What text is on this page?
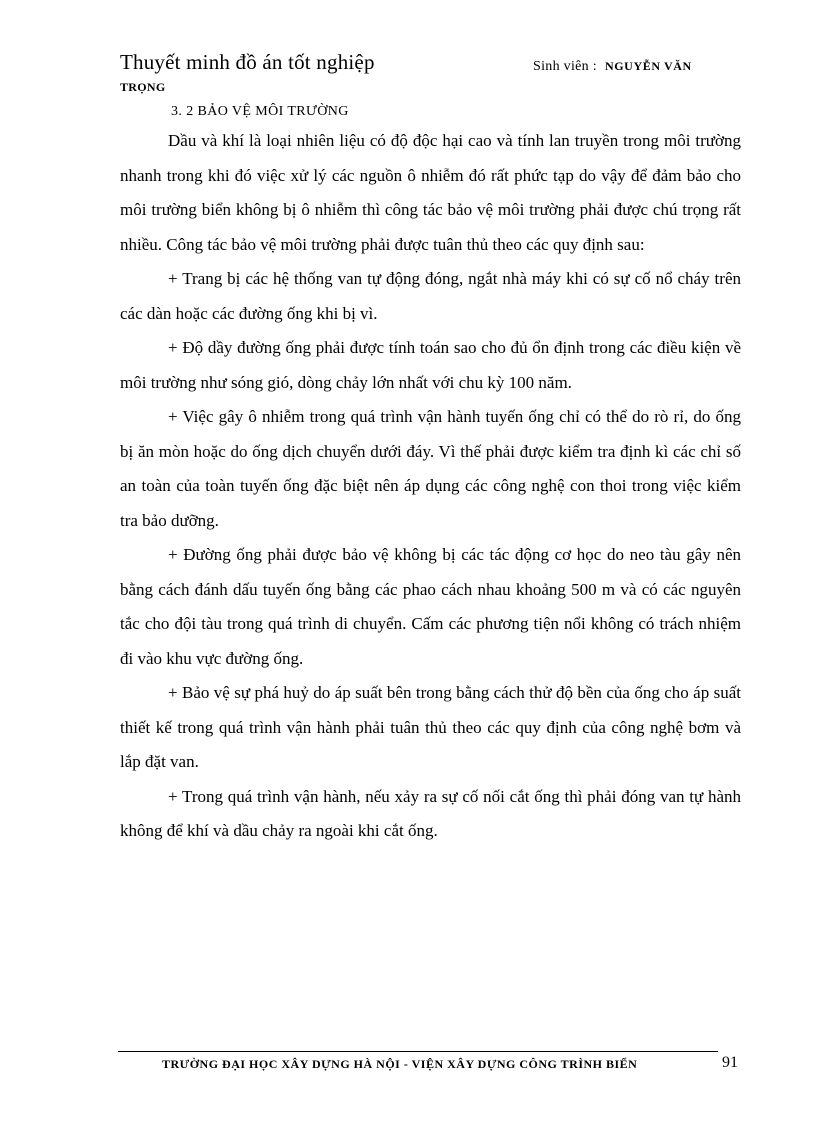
Thuyết minh đồ án tốt nghiệp	Sinh viên : NGUYỄN VĂN
TRỌNG
3. 2 BẢO VỆ MÔI TRƯỜNG

Dầu và khí là loại nhiên liệu có độ độc hại cao và tính lan truyền trong môi trường nhanh trong khi đó việc xử lý các nguồn ô nhiễm đó rất phức tạp do vậy để đảm bảo cho môi trường biển không bị ô nhiễm thì công tác bảo vệ môi trường phải được chú trọng rất nhiều. Công tác bảo vệ môi trường phải được tuân thủ theo các quy định sau:

+ Trang bị các hệ thống van tự động đóng, ngắt nhà máy khi có sự cố nổ cháy trên các dàn hoặc các đường ống khi bị vì.

+ Độ dầy đường ống phải được tính toán sao cho đủ ổn định trong các điều kiện về môi trường như sóng gió, dòng chảy lớn nhất với chu kỳ 100 năm.

+ Việc gây ô nhiễm trong quá trình vận hành tuyến ống chỉ có thể do rò rỉ, do ống bị ăn mòn hoặc do ống dịch chuyển dưới đáy. Vì thế phải được kiểm tra định kì các chỉ số an toàn của toàn tuyến ống đặc biệt nên áp dụng các công nghệ con thoi trong việc kiểm tra bảo dưỡng.

+ Đường ống phải được bảo vệ không bị các tác động cơ học do neo tàu gây nên bằng cách đánh dấu tuyến ống bằng các phao cách nhau khoảng 500 m và có các nguyên tắc cho đội tàu trong quá trình di chuyển. Cấm các phương tiện nổi không có trách nhiệm đi vào khu vực đường ống.

+ Bảo vệ sự phá huỷ do áp suất bên trong bằng cách thử độ bền của ống cho áp suất thiết kế trong quá trình vận hành phải tuân thủ theo các quy định của công nghệ bơm và lắp đặt van.

+ Trong quá trình vận hành, nếu xảy ra sự cố nối cắt ống thì phải đóng van tự hành không để khí và dầu chảy ra ngoài khi cắt ống.

TRƯỜNG ĐẠI HỌC XÂY DỰNG HÀ NỘI - VIỆN XÂY DỰNG CÔNG TRÌNH BIỂN	91
